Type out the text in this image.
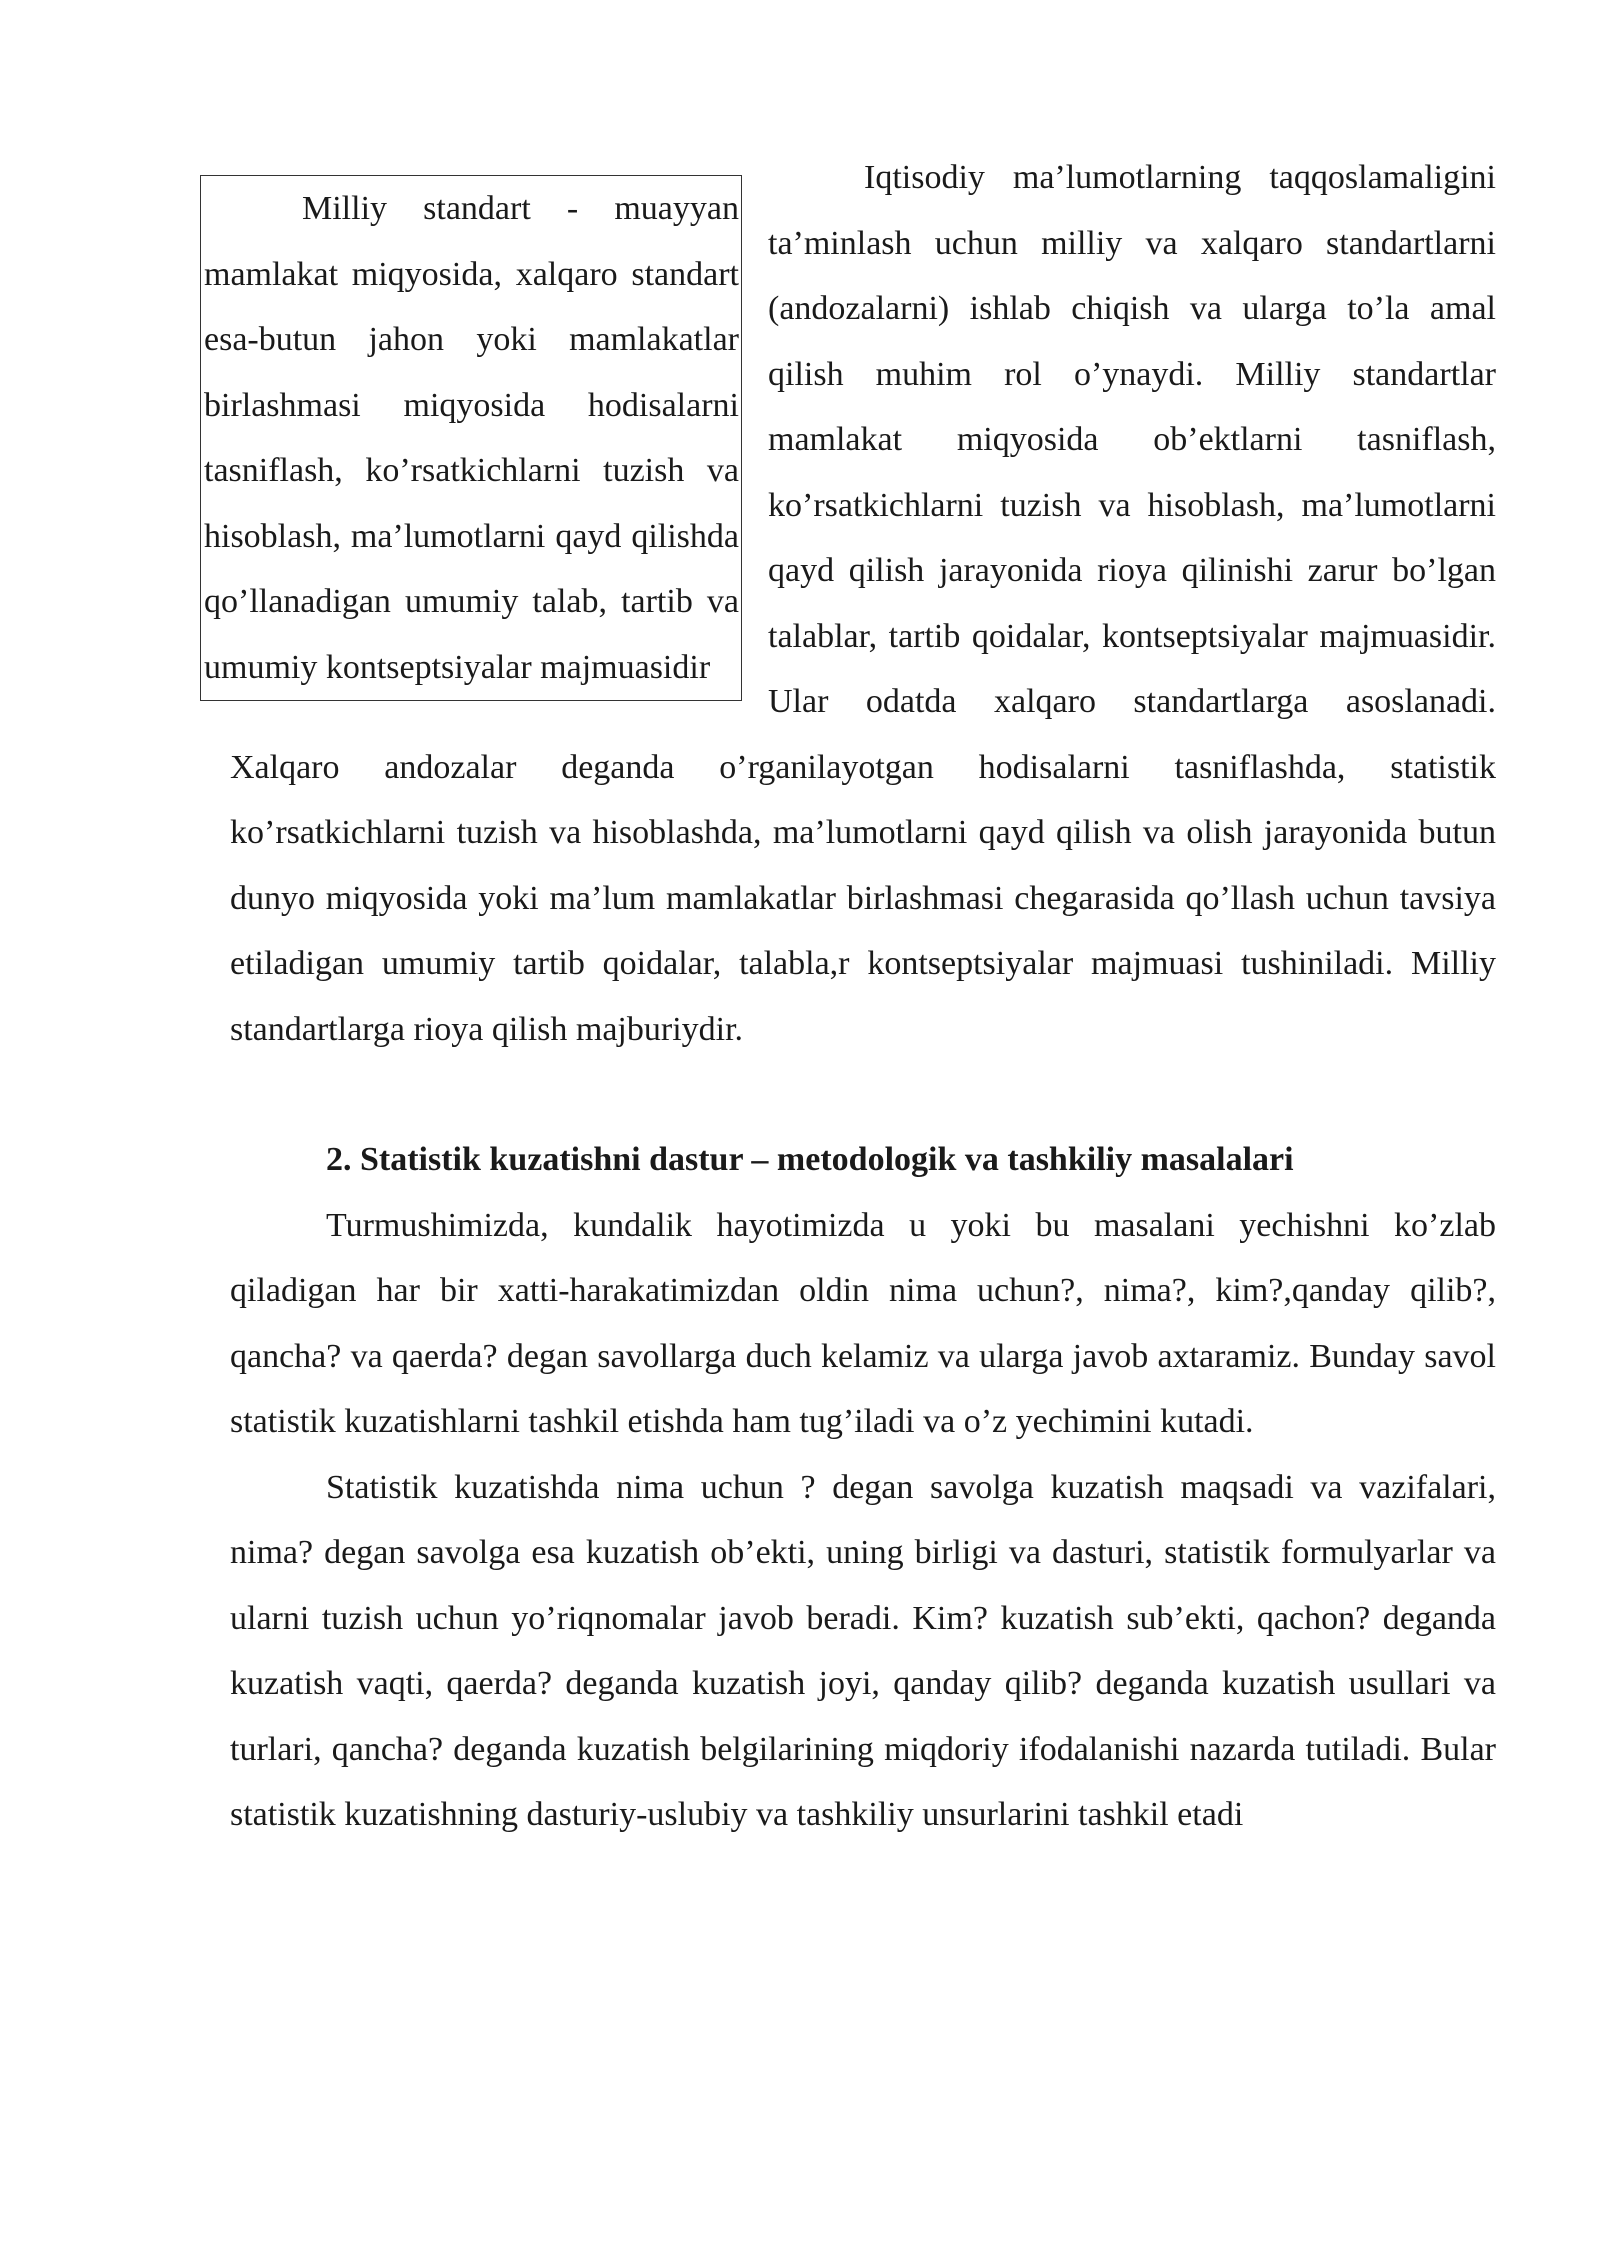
Milliy standart - muayyan mamlakat miqyosida, xalqaro standart esa-butun jahon yoki mamlakatlar birlashmasi miqyosida hodisalarni tasniflash, ko’rsatkichlarni tuzish va hisoblash, ma’lumotlarni qayd qilishda qo’llanadigan umumiy talab, tartib va umumiy kontseptsiyalar majmuasidir

Iqtisodiy ma’lumotlarning taqqoslamaligini ta’minlash uchun milliy va xalqaro standartlarni (andozalarni) ishlab chiqish va ularga to’la amal qilish muhim rol o’ynaydi. Milliy standartlar mamlakat miqyosida ob’ektlarni tasniflash, ko’rsatkichlarni tuzish va hisoblash, ma’lumotlarni qayd qilish jarayonida rioya qilinishi zarur bo’lgan talablar, tartib qoidalar, kontseptsiyalar majmuasidir. Ular odatda xalqaro standartlarga asoslanadi. Xalqaro andozalar deganda o’rganilayotgan hodisalarni tasniflashda, statistik ko’rsatkichlarni tuzish va hisoblashda, ma’lumotlarni qayd qilish va olish jarayonida butun dunyo miqyosida yoki ma’lum mamlakatlar birlashmasi chegarasida qo’llash uchun tavsiya etiladigan umumiy tartib qoidalar, talabla,r kontseptsiyalar majmuasi tushiniladi. Milliy standartlarga rioya qilish majburiydir.

2. Statistik kuzatishni dastur – metodologik va tashkiliy masalalari

Turmushimizda, kundalik hayotimizda u yoki bu masalani yechishni ko’zlab qiladigan har bir xatti-harakatimizdan oldin nima uchun?, nima?, kim?,qanday qilib?, qancha? va qaerda? degan savollarga duch kelamiz va ularga javob axtaramiz. Bunday savol statistik kuzatishlarni tashkil etishda ham tug’iladi va o’z yechimini kutadi.

Statistik kuzatishda nima uchun ? degan savolga kuzatish maqsadi va vazifalari, nima? degan savolga esa kuzatish ob’ekti, uning birligi va dasturi, statistik formulyarlar va ularni tuzish uchun yo’riqnomalar javob beradi. Kim? kuzatish sub’ekti, qachon? deganda kuzatish vaqti, qaerda? deganda kuzatish joyi, qanday qilib? deganda kuzatish usullari va turlari, qancha? deganda kuzatish belgilarining miqdoriy ifodalanishi nazarda tutiladi. Bular statistik kuzatishning dasturiy-uslubiy va tashkiliy unsurlarini tashkil etadi
